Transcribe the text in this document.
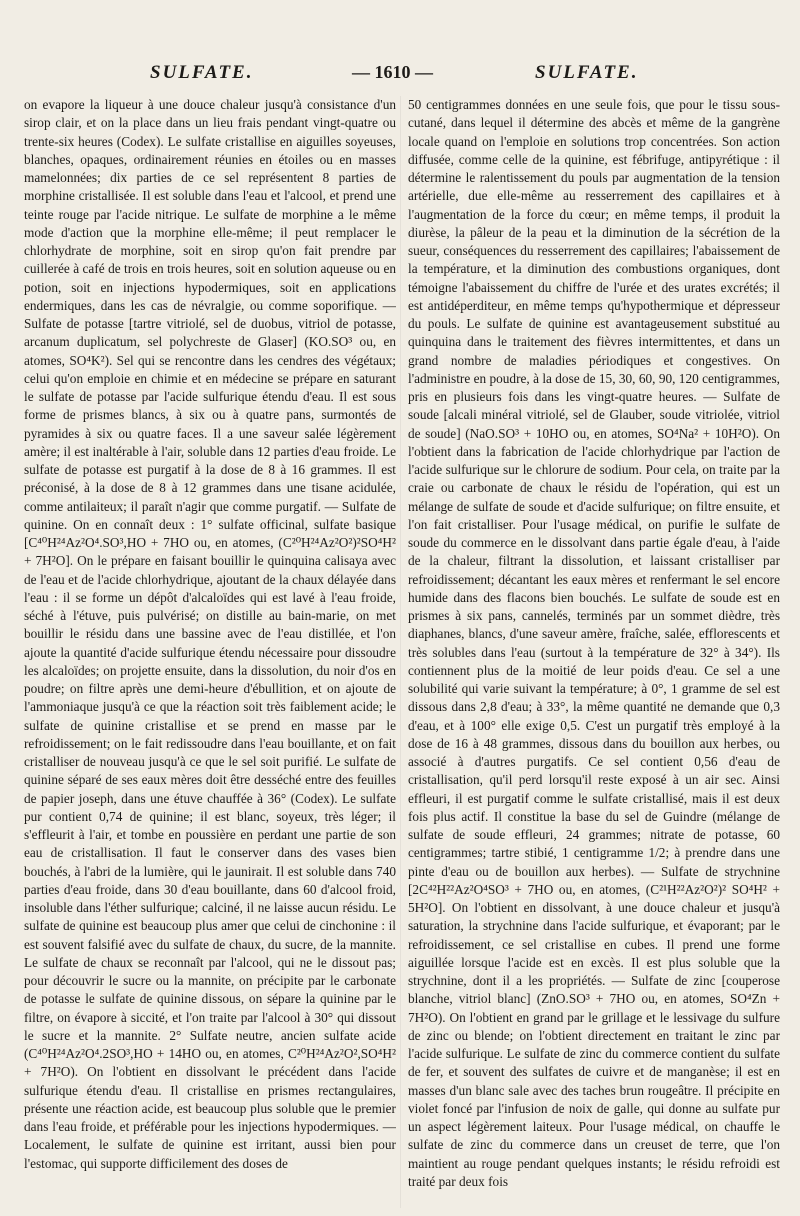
SULFATE.	— 1610 —	SULFATE.

on evapore la liqueur à une douce chaleur jusqu'à consistance d'un sirop clair, et on la place dans un lieu frais pendant vingt-quatre ou trente-six heures (Codex). Le sulfate cristallise en aiguilles soyeuses, blanches, opaques, ordinairement réunies en étoiles ou en masses mamelonnées; dix parties de ce sel représentent 8 parties de morphine cristallisée. Il est soluble dans l'eau et l'alcool, et prend une teinte rouge par l'acide nitrique. Le sulfate de morphine a le même mode d'action que la morphine elle-même; il peut remplacer le chlorhydrate de morphine, soit en sirop qu'on fait prendre par cuillerée à café de trois en trois heures, soit en solution aqueuse ou en potion, soit en injections hypodermiques, soit en applications endermiques, dans les cas de névralgie, ou comme soporifique. — Sulfate de potasse [tartre vitriolé, sel de duobus, vitriol de potasse, arcanum duplicatum, sel polychreste de Glaser] (KO.SO³ ou, en atomes, SO⁴K²). Sel qui se rencontre dans les cendres des végétaux; celui qu'on emploie en chimie et en médecine se prépare en saturant le sulfate de potasse par l'acide sulfurique étendu d'eau. Il est sous forme de prismes blancs, à six ou à quatre pans, surmontés de pyramides à six ou quatre faces. Il a une saveur salée légèrement amère; il est inaltérable à l'air, soluble dans 12 parties d'eau froide. Le sulfate de potasse est purgatif à la dose de 8 à 16 grammes. Il est préconisé, à la dose de 8 à 12 grammes dans une tisane acidulée, comme antilaiteux; il paraît n'agir que comme purgatif. — Sulfate de quinine. On en connaît deux : 1° sulfate officinal, sulfate basique [C⁴⁰H²⁴Az²O⁴.SO³,HO + 7HO ou, en atomes, (C²⁰H²⁴Az²O²)²SO⁴H² + 7H²O]. On le prépare en faisant bouillir le quinquina calisaya avec de l'eau et de l'acide chlorhydrique, ajoutant de la chaux délayée dans l'eau : il se forme un dépôt d'alcaloïdes qui est lavé à l'eau froide, séché à l'étuve, puis pulvérisé; on distille au bain-marie, on met bouillir le résidu dans une bassine avec de l'eau distillée, et l'on ajoute la quantité d'acide sulfurique étendu nécessaire pour dissoudre les alcaloïdes; on projette ensuite, dans la dissolution, du noir d'os en poudre; on filtre après une demi-heure d'ébullition, et on ajoute de l'ammoniaque jusqu'à ce que la réaction soit très faiblement acide; le sulfate de quinine cristallise et se prend en masse par le refroidissement; on le fait redissoudre dans l'eau bouillante, et on fait cristalliser de nouveau jusqu'à ce que le sel soit purifié. Le sulfate de quinine séparé de ses eaux mères doit être desséché entre des feuilles de papier joseph, dans une étuve chauffée à 36° (Codex). Le sulfate pur contient 0,74 de quinine; il est blanc, soyeux, très léger; il s'effleurit à l'air, et tombe en poussière en perdant une partie de son eau de cristallisation. Il faut le conserver dans des vases bien bouchés, à l'abri de la lumière, qui le jaunirait. Il est soluble dans 740 parties d'eau froide, dans 30 d'eau bouillante, dans 60 d'alcool froid, insoluble dans l'éther sulfurique; calciné, il ne laisse aucun résidu. Le sulfate de quinine est beaucoup plus amer que celui de cinchonine : il est souvent falsifié avec du sulfate de chaux, du sucre, de la mannite. Le sulfate de chaux se reconnaît par l'alcool, qui ne le dissout pas; pour découvrir le sucre ou la mannite, on précipite par le carbonate de potasse le sulfate de quinine dissous, on sépare la quinine par le filtre, on évapore à siccité, et l'on traite par l'alcool à 30° qui dissout le sucre et la mannite. 2° Sulfate neutre, ancien sulfate acide (C⁴⁰H²⁴Az²O⁴.2SO³,HO + 14HO ou, en atomes, C²⁰H²⁴Az²O²,SO⁴H² + 7H²O). On l'obtient en dissolvant le précédent dans l'acide sulfurique étendu d'eau. Il cristallise en prismes rectangulaires, présente une réaction acide, est beaucoup plus soluble que le premier dans l'eau froide, et préférable pour les injections hypodermiques. — Localement, le sulfate de quinine est irritant, aussi bien pour l'estomac, qui supporte difficilement des doses de

50 centigrammes données en une seule fois, que pour le tissu sous-cutané, dans lequel il détermine des abcès et même de la gangrène locale quand on l'emploie en solutions trop concentrées. Son action diffusée, comme celle de la quinine, est fébrifuge, antipyrétique : il détermine le ralentissement du pouls par augmentation de la tension artérielle, due elle-même au resserrement des capillaires et à l'augmentation de la force du cœur; en même temps, il produit la diurèse, la pâleur de la peau et la diminution de la sécrétion de la sueur, conséquences du resserrement des capillaires; l'abaissement de la température, et la diminution des combustions organiques, dont témoigne l'abaissement du chiffre de l'urée et des urates excrétés; il est antidéperditeur, en même temps qu'hypothermique et dépresseur du pouls. Le sulfate de quinine est avantageusement substitué au quinquina dans le traitement des fièvres intermittentes, et dans un grand nombre de maladies périodiques et congestives. On l'administre en poudre, à la dose de 15, 30, 60, 90, 120 centigrammes, pris en plusieurs fois dans les vingt-quatre heures. — Sulfate de soude [alcali minéral vitriolé, sel de Glauber, soude vitriolée, vitriol de soude] (NaO.SO³ + 10HO ou, en atomes, SO⁴Na² + 10H²O). On l'obtient dans la fabrication de l'acide chlorhydrique par l'action de l'acide sulfurique sur le chlorure de sodium. Pour cela, on traite par la craie ou carbonate de chaux le résidu de l'opération, qui est un mélange de sulfate de soude et d'acide sulfurique; on filtre ensuite, et l'on fait cristalliser. Pour l'usage médical, on purifie le sulfate de soude du commerce en le dissolvant dans partie égale d'eau, à l'aide de la chaleur, filtrant la dissolution, et laissant cristalliser par refroidissement; décantant les eaux mères et renfermant le sel encore humide dans des flacons bien bouchés. Le sulfate de soude est en prismes à six pans, cannelés, terminés par un sommet dièdre, très diaphanes, blancs, d'une saveur amère, fraîche, salée, efflorescents et très solubles dans l'eau (surtout à la température de 32° à 34°). Ils contiennent plus de la moitié de leur poids d'eau. Ce sel a une solubilité qui varie suivant la température; à 0°, 1 gramme de sel est dissous dans 2,8 d'eau; à 33°, la même quantité ne demande que 0,3 d'eau, et à 100° elle exige 0,5. C'est un purgatif très employé à la dose de 16 à 48 grammes, dissous dans du bouillon aux herbes, ou associé à d'autres purgatifs. Ce sel contient 0,56 d'eau de cristallisation, qu'il perd lorsqu'il reste exposé à un air sec. Ainsi effleuri, il est purgatif comme le sulfate cristallisé, mais il est deux fois plus actif. Il constitue la base du sel de Guindre (mélange de sulfate de soude effleuri, 24 grammes; nitrate de potasse, 60 centigrammes; tartre stibié, 1 centigramme 1/2; à prendre dans une pinte d'eau ou de bouillon aux herbes). — Sulfate de strychnine [2C⁴²H²²Az²O⁴SO³ + 7HO ou, en atomes, (C²¹H²²Az²O²)² SO⁴H² + 5H²O]. On l'obtient en dissolvant, à une douce chaleur et jusqu'à saturation, la strychnine dans l'acide sulfurique, et évaporant; par le refroidissement, ce sel cristallise en cubes. Il prend une forme aiguillée lorsque l'acide est en excès. Il est plus soluble que la strychnine, dont il a les propriétés. — Sulfate de zinc [couperose blanche, vitriol blanc] (ZnO.SO³ + 7HO ou, en atomes, SO⁴Zn + 7H²O). On l'obtient en grand par le grillage et le lessivage du sulfure de zinc ou blende; on l'obtient directement en traitant le zinc par l'acide sulfurique. Le sulfate de zinc du commerce contient du sulfate de fer, et souvent des sulfates de cuivre et de manganèse; il est en masses d'un blanc sale avec des taches brun rougeâtre. Il précipite en violet foncé par l'infusion de noix de galle, qui donne au sulfate pur un aspect légèrement laiteux. Pour l'usage médical, on chauffe le sulfate de zinc du commerce dans un creuset de terre, que l'on maintient au rouge pendant quelques instants; le résidu refroidi est traité par deux fois
